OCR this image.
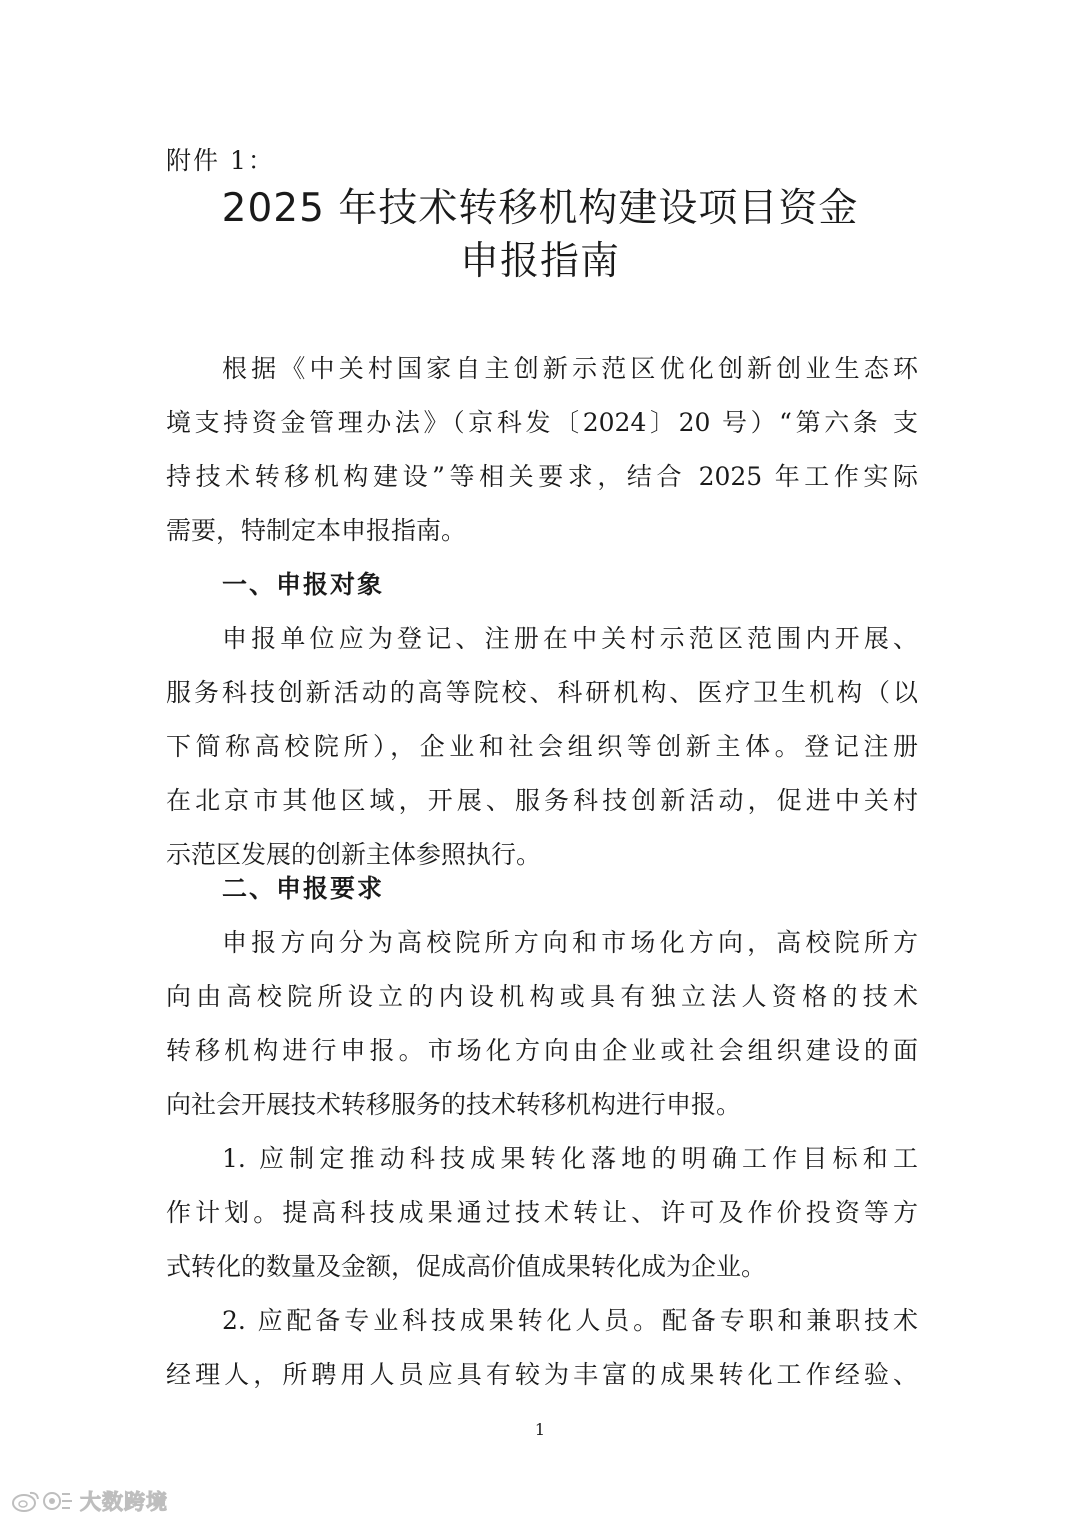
附件 1：
2025 年技术转移机构建设项目资金
申报指南
根据《中关村国家自主创新示范区优化创新创业生态环
境支持资金管理办法》（京科发〔2024〕20 号）“第六条 支
持技术转移机构建设”等相关要求，结合 2025 年工作实际
需要，特制定本申报指南。
一、申报对象
申报单位应为登记、注册在中关村示范区范围内开展、
服务科技创新活动的高等院校、科研机构、医疗卫生机构（以
下简称高校院所），企业和社会组织等创新主体。登记注册
在北京市其他区域，开展、服务科技创新活动，促进中关村
示范区发展的创新主体参照执行。
二、申报要求
申报方向分为高校院所方向和市场化方向，高校院所方
向由高校院所设立的内设机构或具有独立法人资格的技术
转移机构进行申报。市场化方向由企业或社会组织建设的面
向社会开展技术转移服务的技术转移机构进行申报。
1. 应制定推动科技成果转化落地的明确工作目标和工
作计划。提高科技成果通过技术转让、许可及作价投资等方
式转化的数量及金额，促成高价值成果转化成为企业。
2. 应配备专业科技成果转化人员。配备专职和兼职技术
经理人，所聘用人员应具有较为丰富的成果转化工作经验、
1
大数跨境
